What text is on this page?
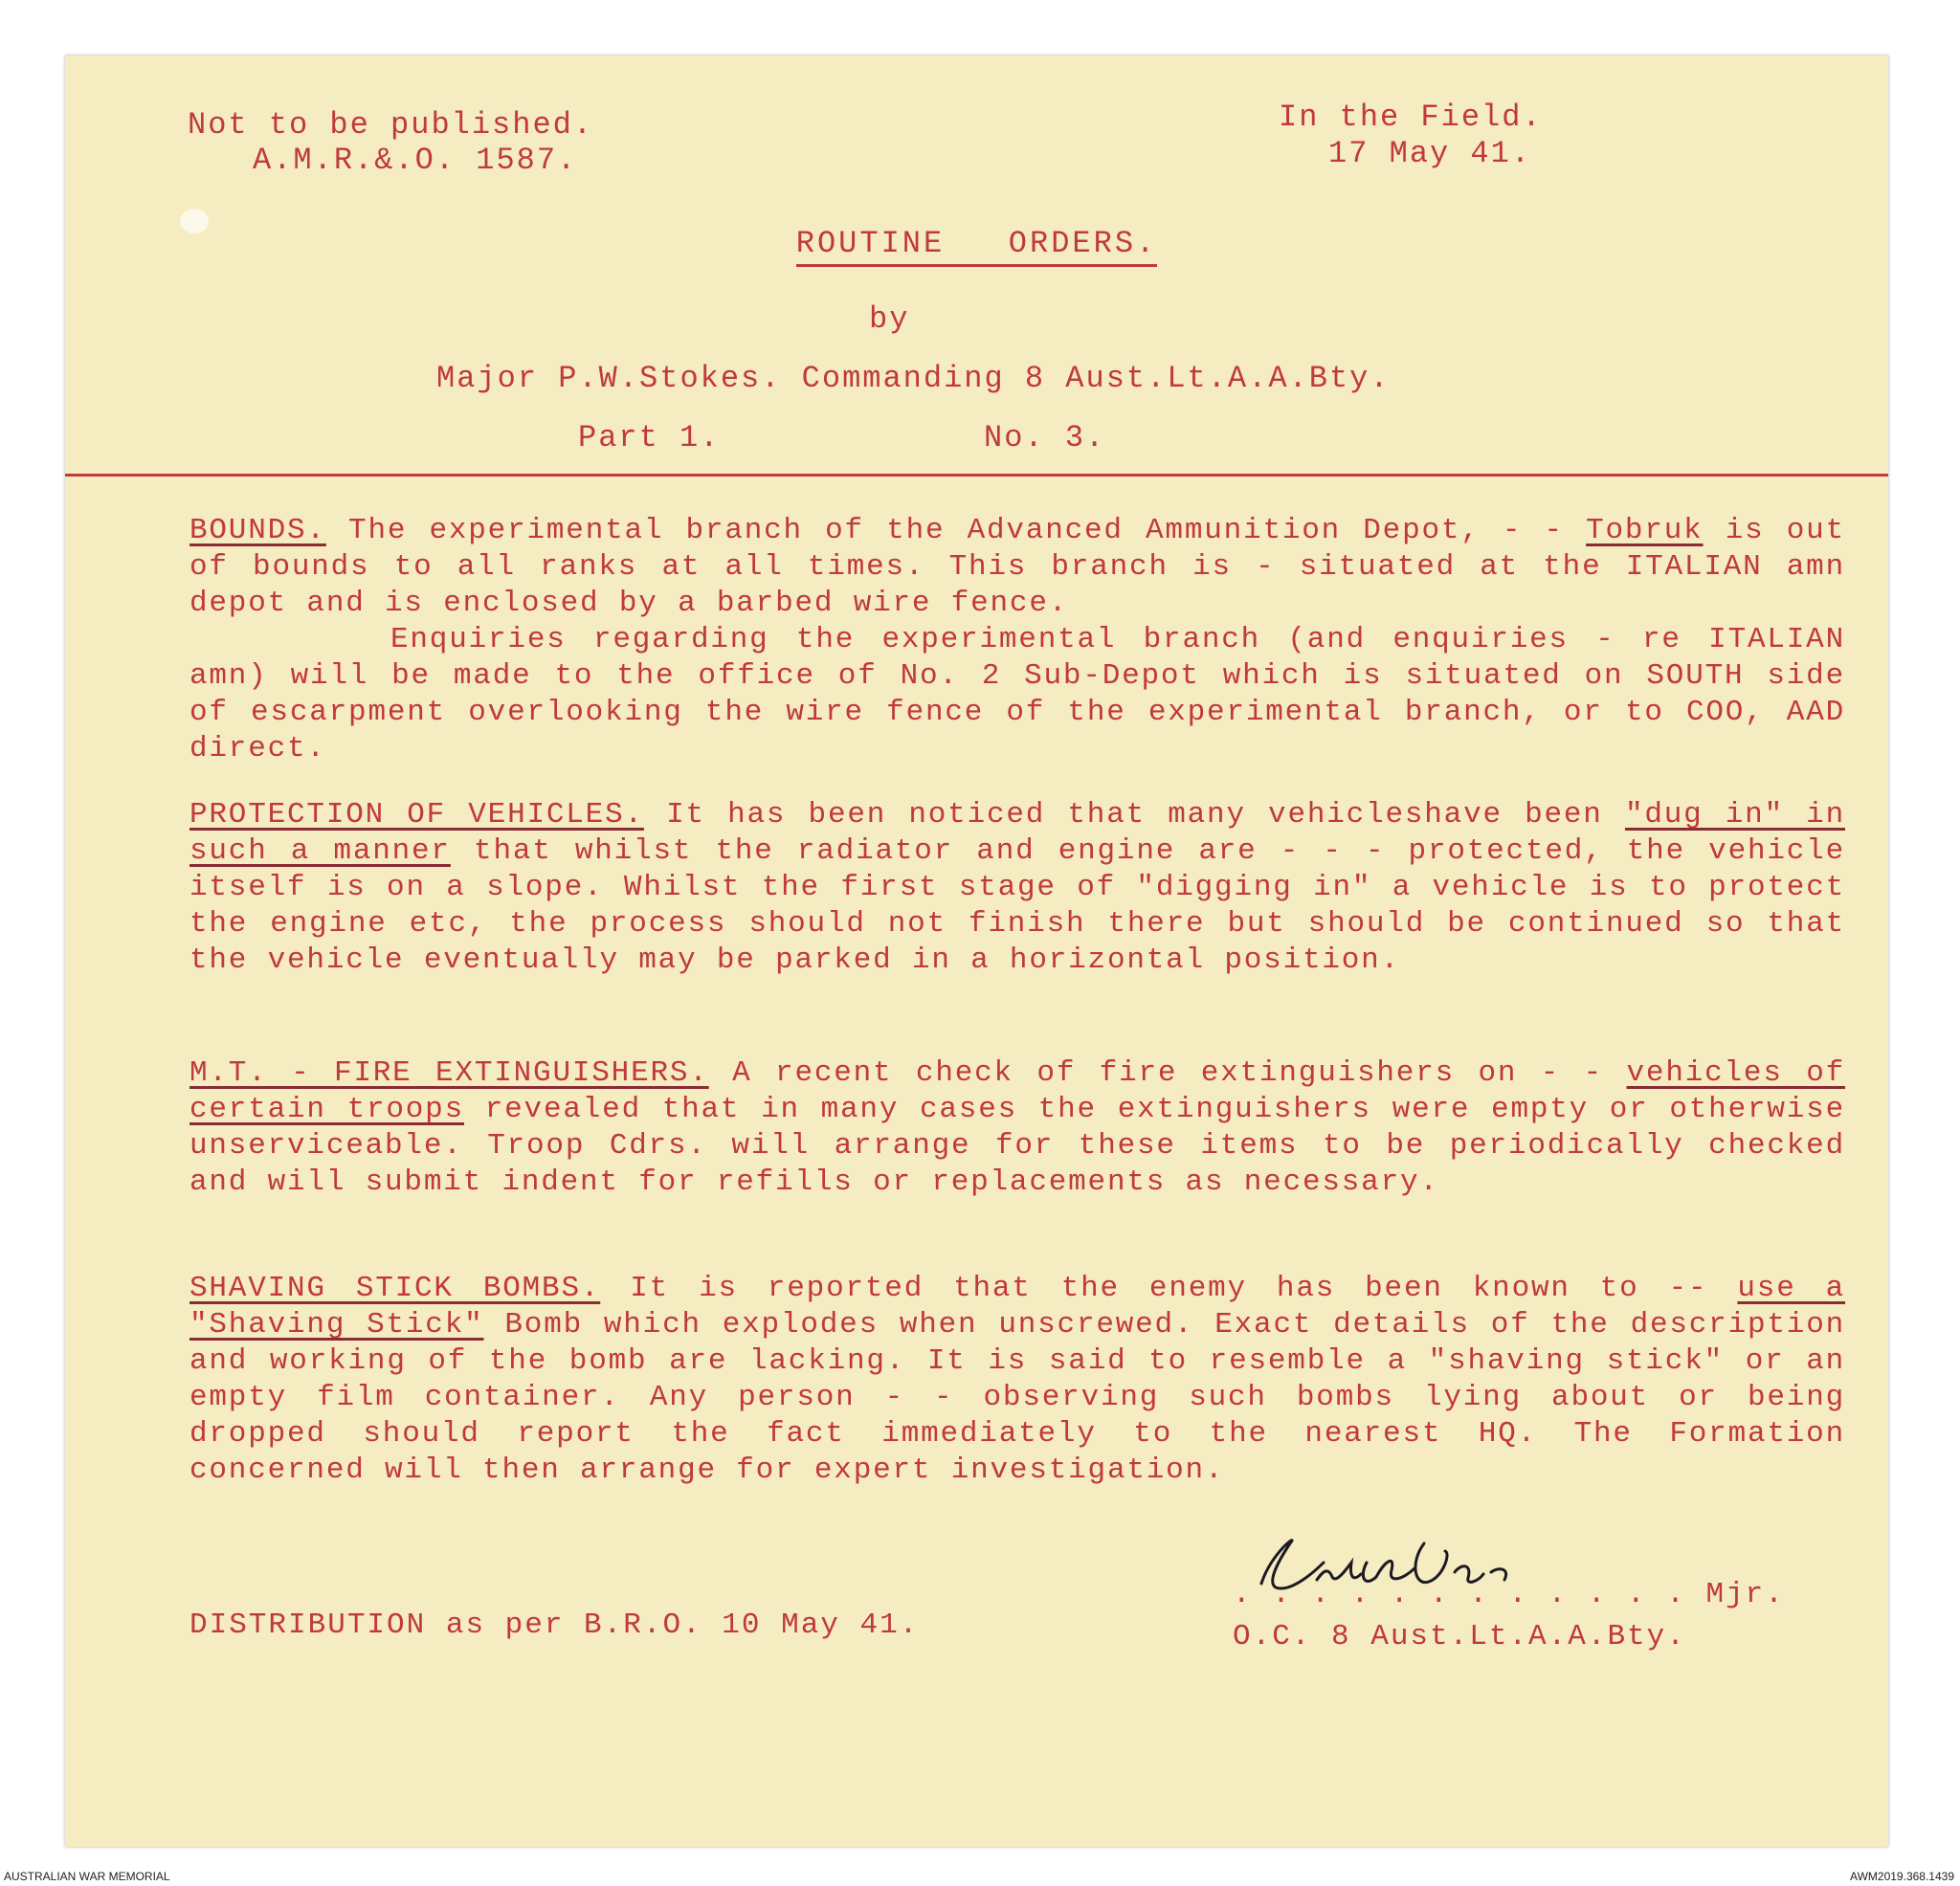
Not to be published.
A.M.R.&.O. 1587.
In the Field.
17 May 41.
ROUTINE   ORDERS.
by
Major P.W.Stokes. Commanding 8 Aust.Lt.A.A.Bty.
Part 1.	No. 3.
BOUNDS. The experimental branch of the Advanced Ammunition Depot, - - Tobruk is out of bounds to all ranks at all times. This branch is - situated at the ITALIAN amn depot and is enclosed by a barbed wire fence.
Enquiries regarding the experimental branch (and enquiries - re ITALIAN amn) will be made to the office of No. 2 Sub-Depot which is situated on SOUTH side of escarpment overlooking the wire fence of the experimental branch, or to COO, AAD direct.
PROTECTION OF VEHICLES. It has been noticed that many vehicleshave been "dug in" in such a manner that whilst the radiator and engine are - - - protected, the vehicle itself is on a slope. Whilst the first stage of "digging in" a vehicle is to protect the engine etc, the process should not finish there but should be continued so that the vehicle eventually may be parked in a horizontal position.
M.T. - FIRE EXTINGUISHERS. A recent check of fire extinguishers on - - vehicles of certain troops revealed that in many cases the extinguishers were empty or otherwise unserviceable. Troop Cdrs. will arrange for these items to be periodically checked and will submit indent for refills or replacements as necessary.
SHAVING STICK BOMBS. It is reported that the enemy has been known to -- use a "Shaving Stick" Bomb which explodes when unscrewed. Exact details of the description and working of the bomb are lacking. It is said to resemble a "shaving stick" or an empty film container. Any person - - observing such bombs lying about or being dropped should report the fact immediately to the nearest HQ. The Formation concerned will then arrange for expert investigation.
DISTRIBUTION as per B.R.O. 10 May 41.
. . . . . . . . . . . . Mjr.
O.C. 8 Aust.Lt.A.A.Bty.
AUSTRALIAN WAR MEMORIAL	AWM2019.368.1439
